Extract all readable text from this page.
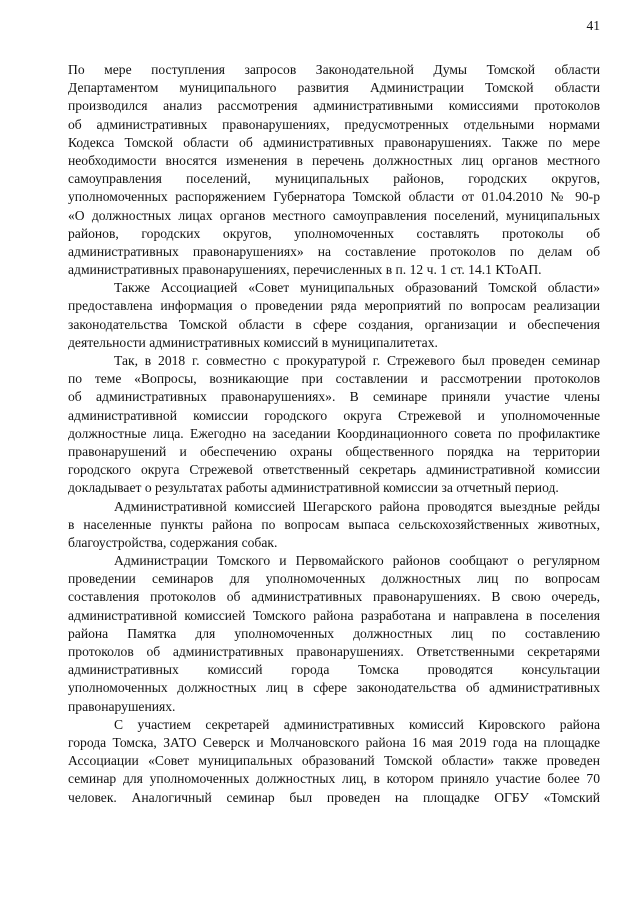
41
По мере поступления запросов Законодательной Думы Томской области
Департаментом муниципального развития Администрации Томской области
производился анализ рассмотрения административными комиссиями протоколов
об административных правонарушениях, предусмотренных отдельными нормами
Кодекса Томской области об административных правонарушениях. Также по мере
необходимости вносятся изменения в перечень должностных лиц органов местного
самоуправления поселений, муниципальных районов, городских округов,
уполномоченных распоряжением Губернатора Томской области от 01.04.2010 № 90-р
«О должностных лицах органов местного самоуправления поселений, муниципальных
районов, городских округов, уполномоченных составлять протоколы об
административных правонарушениях» на составление протоколов по делам об
административных правонарушениях, перечисленных в п. 12 ч. 1 ст. 14.1 КТоАП.
Также Ассоциацией «Совет муниципальных образований Томской области»
предоставлена информация о проведении ряда мероприятий по вопросам реализации
законодательства Томской области в сфере создания, организации и обеспечения
деятельности административных комиссий в муниципалитетах.
Так, в 2018 г. совместно с прокуратурой г. Стрежевого был проведен семинар
по теме «Вопросы, возникающие при составлении и рассмотрении протоколов
об административных правонарушениях». В семинаре приняли участие члены
административной комиссии городского округа Стрежевой и уполномоченные
должностные лица. Ежегодно на заседании Координационного совета по профилактике
правонарушений и обеспечению охраны общественного порядка на территории
городского округа Стрежевой ответственный секретарь административной комиссии
докладывает о результатах работы административной комиссии за отчетный период.
Административной комиссией Шегарского района проводятся выездные рейды
в населенные пункты района по вопросам выпаса сельскохозяйственных животных,
благоустройства, содержания собак.
Администрации Томского и Первомайского районов сообщают о регулярном
проведении семинаров для уполномоченных должностных лиц по вопросам
составления протоколов об административных правонарушениях. В свою очередь,
административной комиссией Томского района разработана и направлена в поселения
района Памятка для уполномоченных должностных лиц по составлению
протоколов об административных правонарушениях. Ответственными секретарями
административных комиссий города Томска проводятся консультации
уполномоченных должностных лиц в сфере законодательства об административных
правонарушениях.
С участием секретарей административных комиссий Кировского района
города Томска, ЗАТО Северск и Молчановского района 16 мая 2019 года на площадке
Ассоциации «Совет муниципальных образований Томской области» также проведен
семинар для уполномоченных должностных лиц, в котором приняло участие более 70
человек. Аналогичный семинар был проведен на площадке ОГБУ «Томский
